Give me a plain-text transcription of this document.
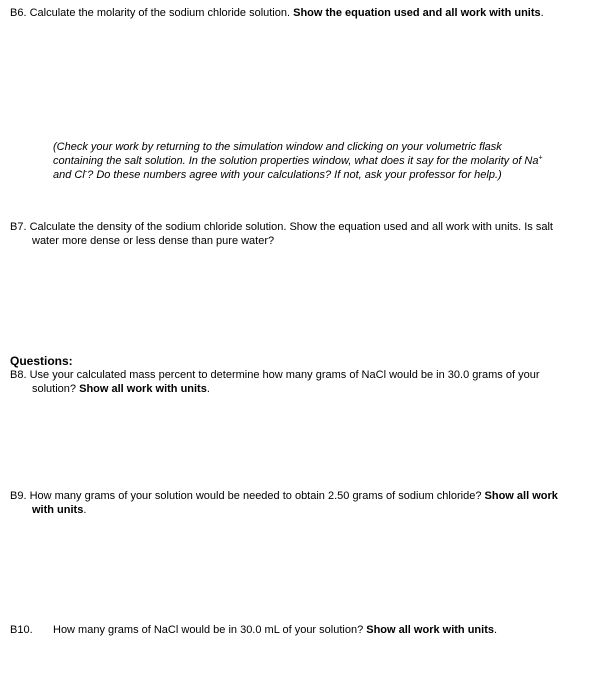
B6. Calculate the molarity of the sodium chloride solution. Show the equation used and all work with units.
(Check your work by returning to the simulation window and clicking on your volumetric flask containing the salt solution. In the solution properties window, what does it say for the molarity of Na+ and Cl-? Do these numbers agree with your calculations? If not, ask your professor for help.)
B7. Calculate the density of the sodium chloride solution. Show the equation used and all work with units. Is salt water more dense or less dense than pure water?
Questions:
B8. Use your calculated mass percent to determine how many grams of NaCl would be in 30.0 grams of your solution? Show all work with units.
B9. How many grams of your solution would be needed to obtain 2.50 grams of sodium chloride? Show all work with units.
B10. How many grams of NaCl would be in 30.0 mL of your solution? Show all work with units.
